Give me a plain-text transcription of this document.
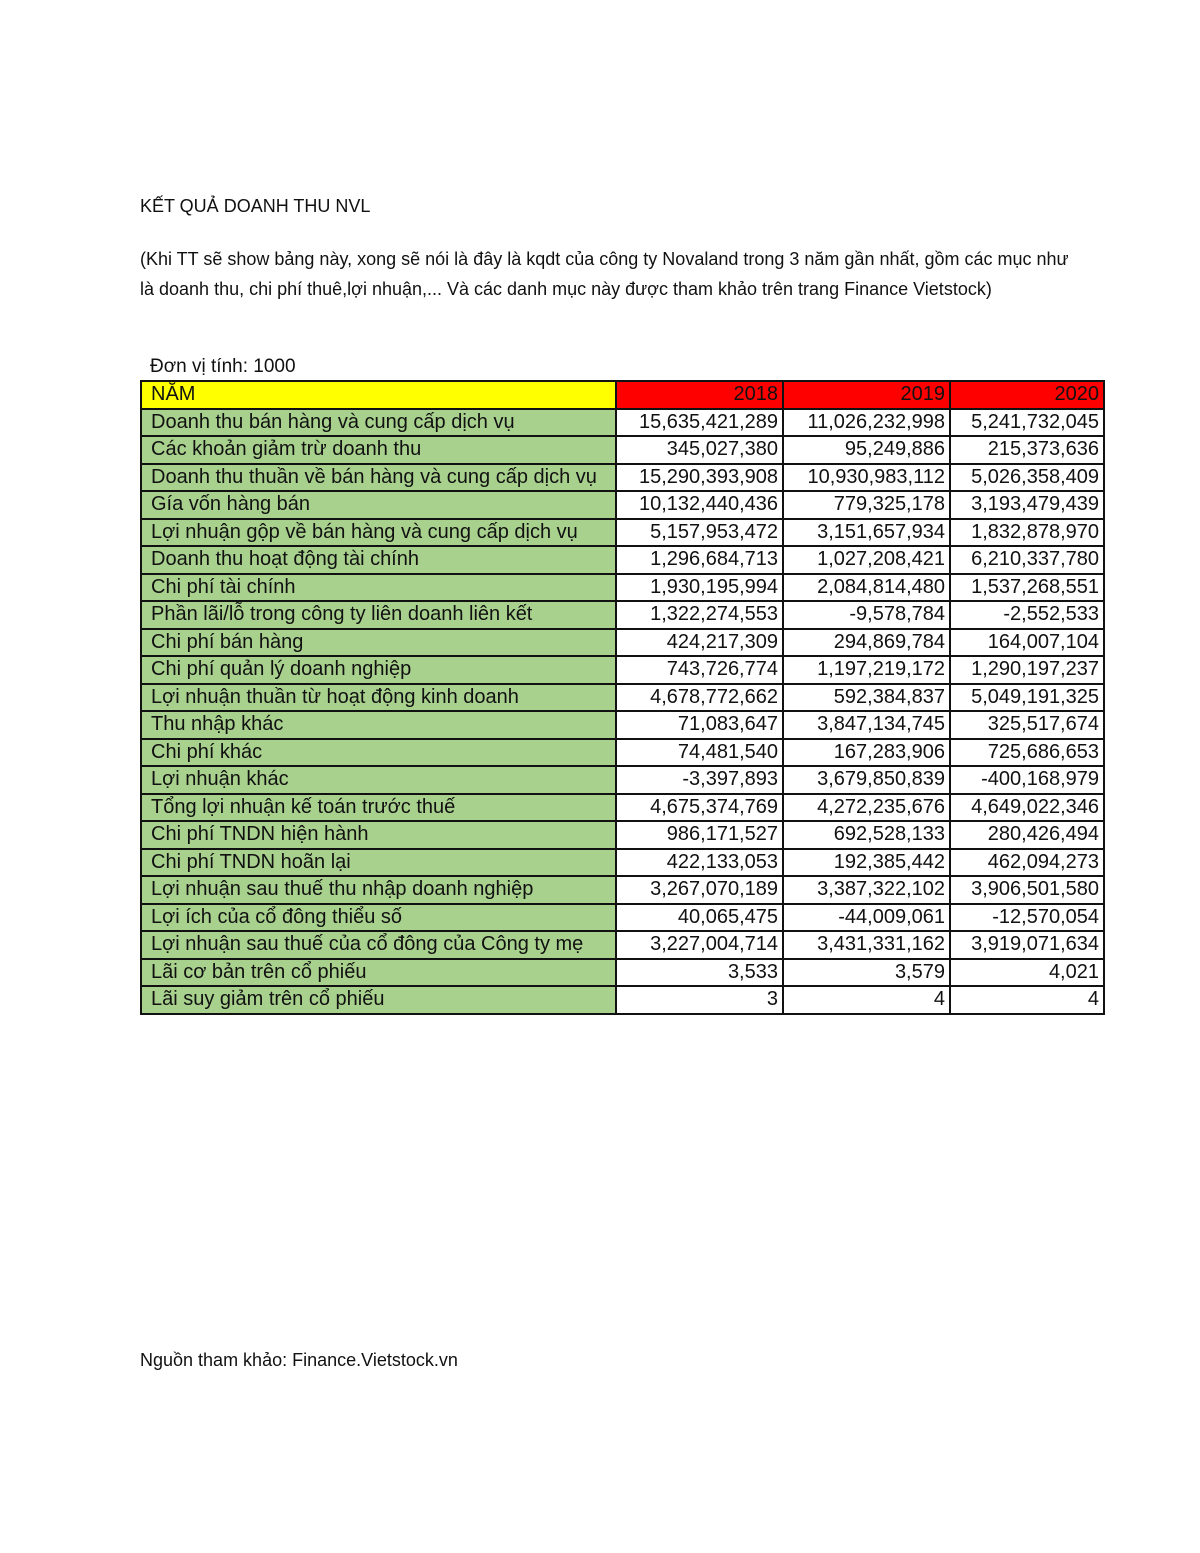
KẾT QUẢ DOANH THU NVL

(Khi TT sẽ show bảng này, xong sẽ nói là đây là kqdt của công ty Novaland trong 3 năm gần nhất, gồm các mục như là doanh thu, chi phí thuê,lợi nhuận,... Và các danh mục này được tham khảo trên trang Finance Vietstock)

Đơn vị tính: 1000
NĂM	2018	2019	2020
Doanh thu bán hàng và cung cấp dịch vụ	15,635,421,289	11,026,232,998	5,241,732,045
Các khoản giảm trừ doanh thu	345,027,380	95,249,886	215,373,636
Doanh thu thuần về bán hàng và cung cấp dịch vụ	15,290,393,908	10,930,983,112	5,026,358,409
Gía vốn hàng bán	10,132,440,436	779,325,178	3,193,479,439
Lợi nhuận gộp về bán hàng và cung cấp dịch vụ	5,157,953,472	3,151,657,934	1,832,878,970
Doanh thu hoạt động tài chính	1,296,684,713	1,027,208,421	6,210,337,780
Chi phí tài chính	1,930,195,994	2,084,814,480	1,537,268,551
Phần lãi/lỗ trong công ty liên doanh liên kết	1,322,274,553	-9,578,784	-2,552,533
Chi phí bán hàng	424,217,309	294,869,784	164,007,104
Chi phí quản lý doanh nghiệp	743,726,774	1,197,219,172	1,290,197,237
Lợi nhuận thuần từ hoạt động kinh doanh	4,678,772,662	592,384,837	5,049,191,325
Thu nhập khác	71,083,647	3,847,134,745	325,517,674
Chi phí khác	74,481,540	167,283,906	725,686,653
Lợi nhuận khác	-3,397,893	3,679,850,839	-400,168,979
Tổng lợi nhuận kế toán trước thuế	4,675,374,769	4,272,235,676	4,649,022,346
Chi phí TNDN hiện hành	986,171,527	692,528,133	280,426,494
Chi phí TNDN hoãn lại	422,133,053	192,385,442	462,094,273
Lợi nhuận sau thuế thu nhập doanh nghiệp	3,267,070,189	3,387,322,102	3,906,501,580
Lợi ích của cổ đông thiểu số	40,065,475	-44,009,061	-12,570,054
Lợi nhuận sau thuế của cổ đông của Công ty mẹ	3,227,004,714	3,431,331,162	3,919,071,634
Lãi cơ bản trên cổ phiếu	3,533	3,579	4,021
Lãi suy giảm trên cổ phiếu	3	4	4
Nguồn tham khảo: Finance.Vietstock.vn
